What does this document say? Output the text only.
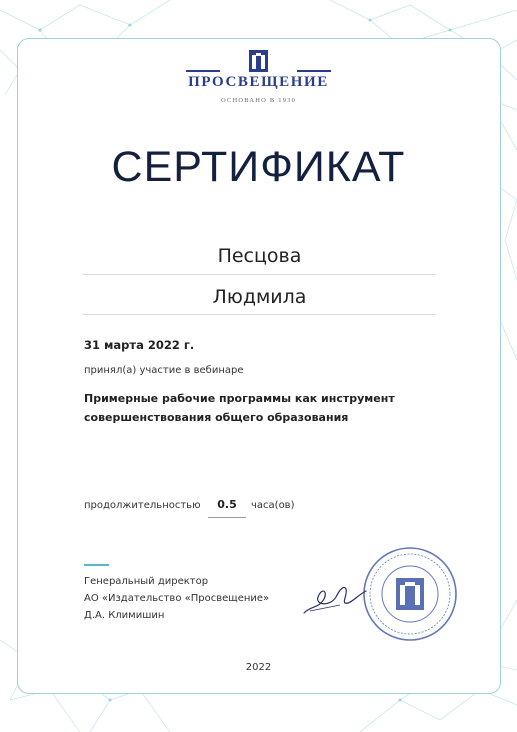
ПРОСВЕЩЕНИЕ
ОСНОВАНО В 1930
СЕРТИФИКАТ
Песцова
Людмила
31 марта 2022 г.
принял(а) участие в вебинаре
Примерные рабочие программы как инструмент
совершенствования общего образования
продолжительностью	0.5	часа(ов)
Генеральный директор
АО «Издательство «Просвещение»
Д.А. Климишин
2022
